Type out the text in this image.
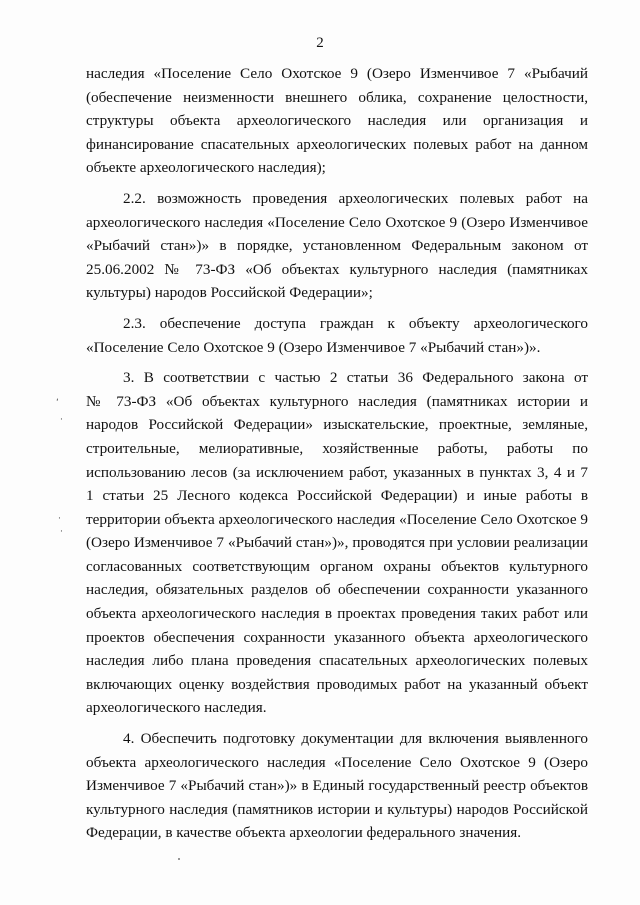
2
‘
·
⋅
·
наследия «Поселение Село Охотское 9 (Озеро Изменчивое 7 «Рыбачий
(обеспечение неизменности внешнего облика, сохранение целостности,
структуры объекта археологического наследия или организация и
финансирование спасательных археологических полевых работ на данном
объекте археологического наследия);
2.2. возможность проведения археологических полевых работ на
археологического наследия «Поселение Село Охотское 9 (Озеро Изменчивое
«Рыбачий стан»)» в порядке, установленном Федеральным законом от
25.06.2002 № 73-ФЗ «Об объектах культурного наследия (памятниках
культуры) народов Российской Федерации»;
2.3. обеспечение доступа граждан к объекту археологического
«Поселение Село Охотское 9 (Озеро Изменчивое 7 «Рыбачий стан»)».
3. В соответствии с частью 2 статьи 36 Федерального закона от
№ 73-ФЗ «Об объектах культурного наследия (памятниках истории и
народов Российской Федерации» изыскательские, проектные, земляные,
строительные, мелиоративные, хозяйственные работы, работы по
использованию лесов (за исключением работ, указанных в пунктах 3, 4 и 7
1 статьи 25 Лесного кодекса Российской Федерации) и иные работы в
территории объекта археологического наследия «Поселение Село Охотское 9
(Озеро Изменчивое 7 «Рыбачий стан»)», проводятся при условии реализации
согласованных соответствующим органом охраны объектов культурного
наследия, обязательных разделов об обеспечении сохранности указанного
объекта археологического наследия в проектах проведения таких работ или
проектов обеспечения сохранности указанного объекта археологического
наследия либо плана проведения спасательных археологических полевых
включающих оценку воздействия проводимых работ на указанный объект
археологического наследия.
4. Обеспечить подготовку документации для включения выявленного
объекта археологического наследия «Поселение Село Охотское 9 (Озеро
Изменчивое 7 «Рыбачий стан»)» в Единый государственный реестр объектов
культурного наследия (памятников истории и культуры) народов Российской
Федерации, в качестве объекта археологии федерального значения.
